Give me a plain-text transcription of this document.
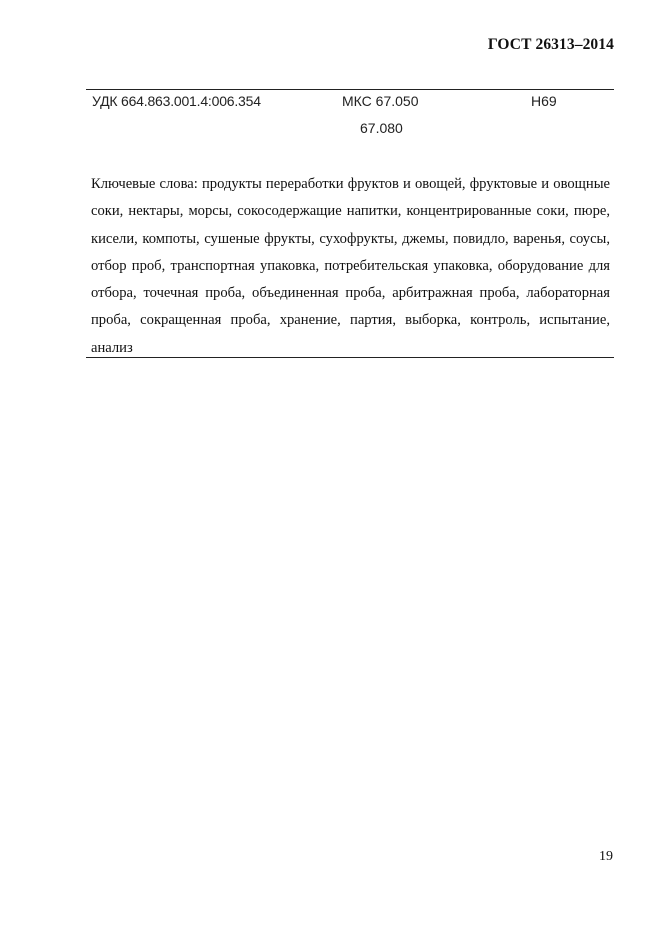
ГОСТ 26313–2014
УДК 664.863.001.4:006.354	МКС 67.050
67.080
Н69
Ключевые слова: продукты переработки фруктов и овощей, фруктовые и овощные соки, нектары, морсы, сокосодержащие напитки, концентрированные соки, пюре, кисели, компоты, сушеные фрукты, сухофрукты, джемы, повидло, варенья, соусы, отбор проб, транспортная упаковка, потребительская упаковка, оборудование для отбора, точечная проба, объединенная проба, арбитражная проба, лабораторная проба, сокращенная проба, хранение, партия, выборка, контроль, испытание, анализ
19
